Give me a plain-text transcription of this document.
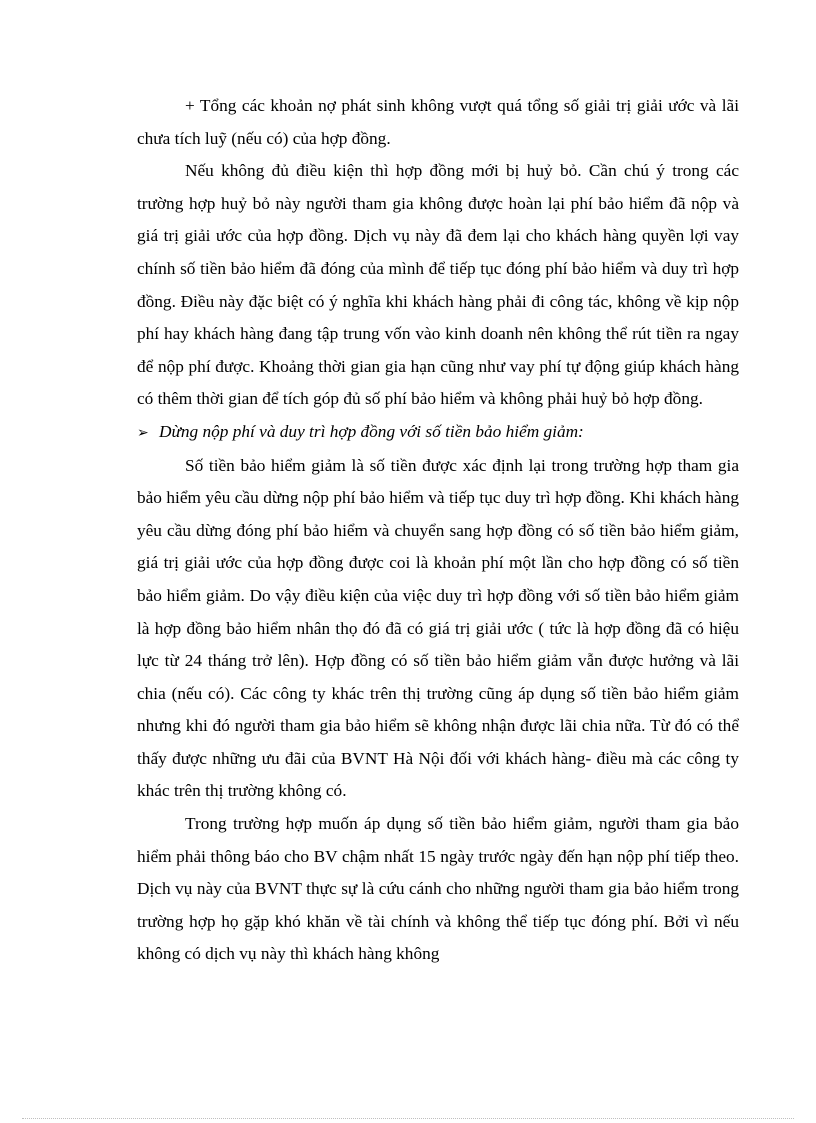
+ Tổng các khoản nợ phát sinh không vượt quá tổng số giải trị giải ước và lãi chưa tích luỹ (nếu có) của hợp đồng.

Nếu không đủ điều kiện thì hợp đồng mới bị huỷ bỏ. Cần chú ý trong các trường hợp huỷ bỏ này người tham gia không được hoàn lại phí bảo hiểm đã nộp và giá trị giải ước của hợp đồng. Dịch vụ này đã đem lại cho khách hàng quyền lợi vay chính số tiền bảo hiểm đã đóng của mình để tiếp tục đóng phí bảo hiểm và duy trì hợp đồng. Điều này đặc biệt có ý nghĩa khi khách hàng phải đi công tác, không về kịp nộp phí hay khách hàng đang tập trung vốn vào kinh doanh nên không thể rút tiền ra ngay để nộp phí được. Khoảng thời gian gia hạn cũng như vay phí tự động giúp khách hàng có thêm thời gian để tích góp đủ số phí bảo hiểm và không phải huỷ bỏ hợp đồng.

➢ Dừng nộp phí và duy trì hợp đồng với số tiền bảo hiểm giảm:

Số tiền bảo hiểm giảm là số tiền được xác định lại trong trường hợp tham gia bảo hiểm yêu cầu dừng nộp phí bảo hiểm và tiếp tục duy trì hợp đồng. Khi khách hàng yêu cầu dừng đóng phí bảo hiểm và chuyển sang hợp đồng có số tiền bảo hiểm giảm, giá trị giải ước của hợp đồng được coi là khoản phí một lần cho hợp đồng có số tiền bảo hiểm giảm. Do vậy điều kiện của việc duy trì hợp đồng với số tiền bảo hiểm giảm là hợp đồng bảo hiểm nhân thọ đó đã có giá trị giải ước ( tức là hợp đồng đã có hiệu lực từ 24 tháng trở lên). Hợp đồng có số tiền bảo hiểm giảm vẫn được hưởng và lãi chia (nếu có). Các công ty khác trên thị trường cũng áp dụng số tiền bảo hiểm giảm nhưng khi đó người tham gia bảo hiểm sẽ không nhận được lãi chia nữa. Từ đó có thể thấy được những ưu đãi của BVNT Hà Nội đối với khách hàng- điều mà các công ty khác trên thị trường không có.

Trong trường hợp muốn áp dụng số tiền bảo hiểm giảm, người tham gia bảo hiểm phải thông báo cho BV chậm nhất 15 ngày trước ngày đến hạn nộp phí tiếp theo. Dịch vụ này của BVNT thực sự là cứu cánh cho những người tham gia bảo hiểm trong trường hợp họ gặp khó khăn về tài chính và không thể tiếp tục đóng phí. Bởi vì nếu không có dịch vụ này thì khách hàng không
